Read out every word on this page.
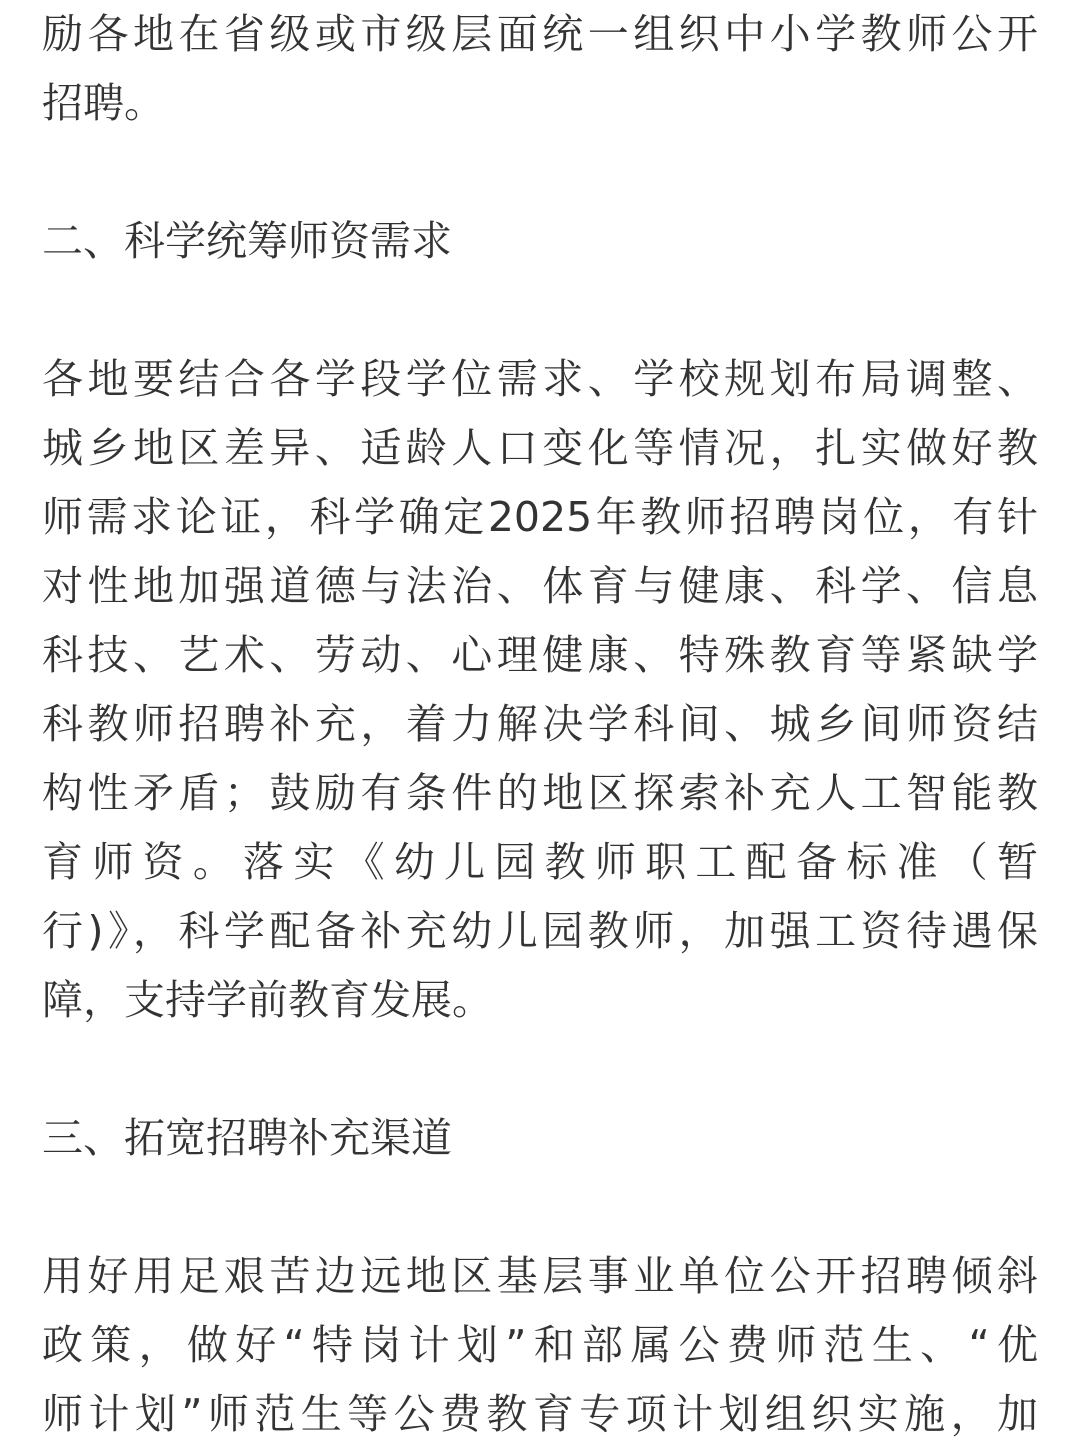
励各地在省级或市级层面统一组织中小学教师公开
招聘。
二、科学统筹师资需求
各地要结合各学段学位需求、学校规划布局调整、
城乡地区差异、适龄人口变化等情况，扎实做好教
师需求论证，科学确定2025年教师招聘岗位，有针
对性地加强道德与法治、体育与健康、科学、信息
科技、艺术、劳动、心理健康、特殊教育等紧缺学
科教师招聘补充，着力解决学科间、城乡间师资结
构性矛盾；鼓励有条件的地区探索补充人工智能教
育师资。落实《幼儿园教师职工配备标准（暂
行)》，科学配备补充幼儿园教师，加强工资待遇保
障，支持学前教育发展。
三、拓宽招聘补充渠道
用好用足艰苦边远地区基层事业单位公开招聘倾斜
政策，做好“特岗计划”和部属公费师范生、“优
师计划”师范生等公费教育专项计划组织实施，加
